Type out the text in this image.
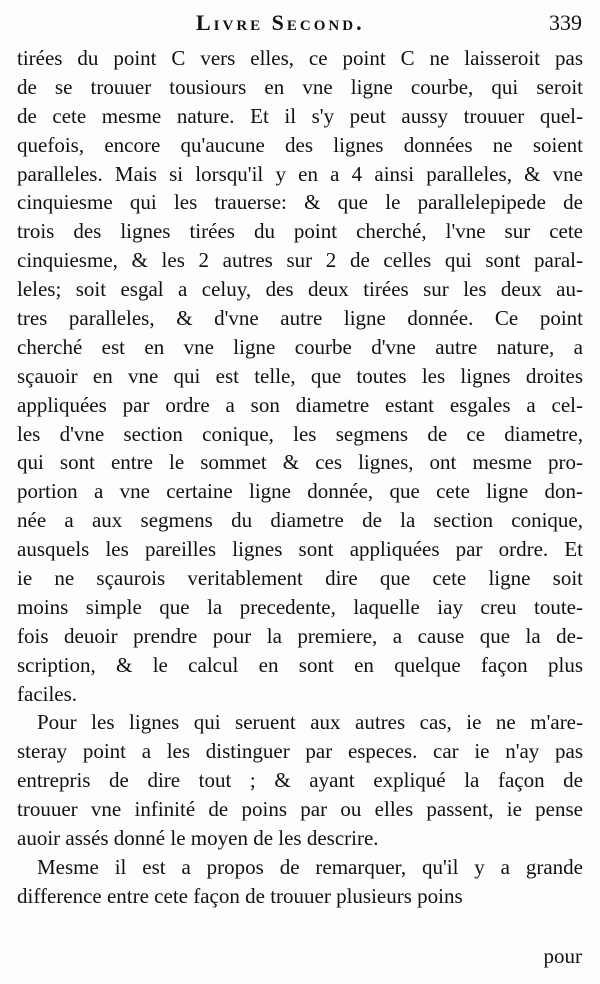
Livre Second.	339
tirées du point C vers elles, ce point C ne laisseroit pas
de se trouuer tousiours en vne ligne courbe, qui seroit
de cete mesme nature. Et il s'y peut aussy trouuer quel-
quefois, encore qu'aucune des lignes données ne soient
paralleles. Mais si lorsqu'il y en a 4 ainsi paralleles, & vne
cinquiesme qui les trauerse: & que le parallelepipede de
trois des lignes tirées du point cherché, l'vne sur cete
cinquiesme, & les 2 autres sur 2 de celles qui sont paral-
leles; soit esgal a celuy, des deux tirées sur les deux au-
tres paralleles, & d'vne autre ligne donnée. Ce point
cherché est en vne ligne courbe d'vne autre nature, a
sçauoir en vne qui est telle, que toutes les lignes droites
appliquées par ordre a son diametre estant esgales a cel-
les d'vne section conique, les segmens de ce diametre,
qui sont entre le sommet & ces lignes, ont mesme pro-
portion a vne certaine ligne donnée, que cete ligne don-
née a aux segmens du diametre de la section conique,
ausquels les pareilles lignes sont appliquées par ordre. Et
ie ne sçaurois veritablement dire que cete ligne soit
moins simple que la precedente, laquelle iay creu toute-
fois deuoir prendre pour la premiere, a cause que la de-
scription, & le calcul en sont en quelque façon plus
faciles.
Pour les lignes qui seruent aux autres cas, ie ne m'are-
steray point a les distinguer par especes. car ie n'ay pas
entrepris de dire tout ; & ayant expliqué la façon de
trouuer vne infinité de poins par ou elles passent, ie pense
auoir assés donné le moyen de les descrire.
Mesme il est a propos de remarquer, qu'il y a grande
difference entre cete façon de trouuer plusieurs poins
pour
